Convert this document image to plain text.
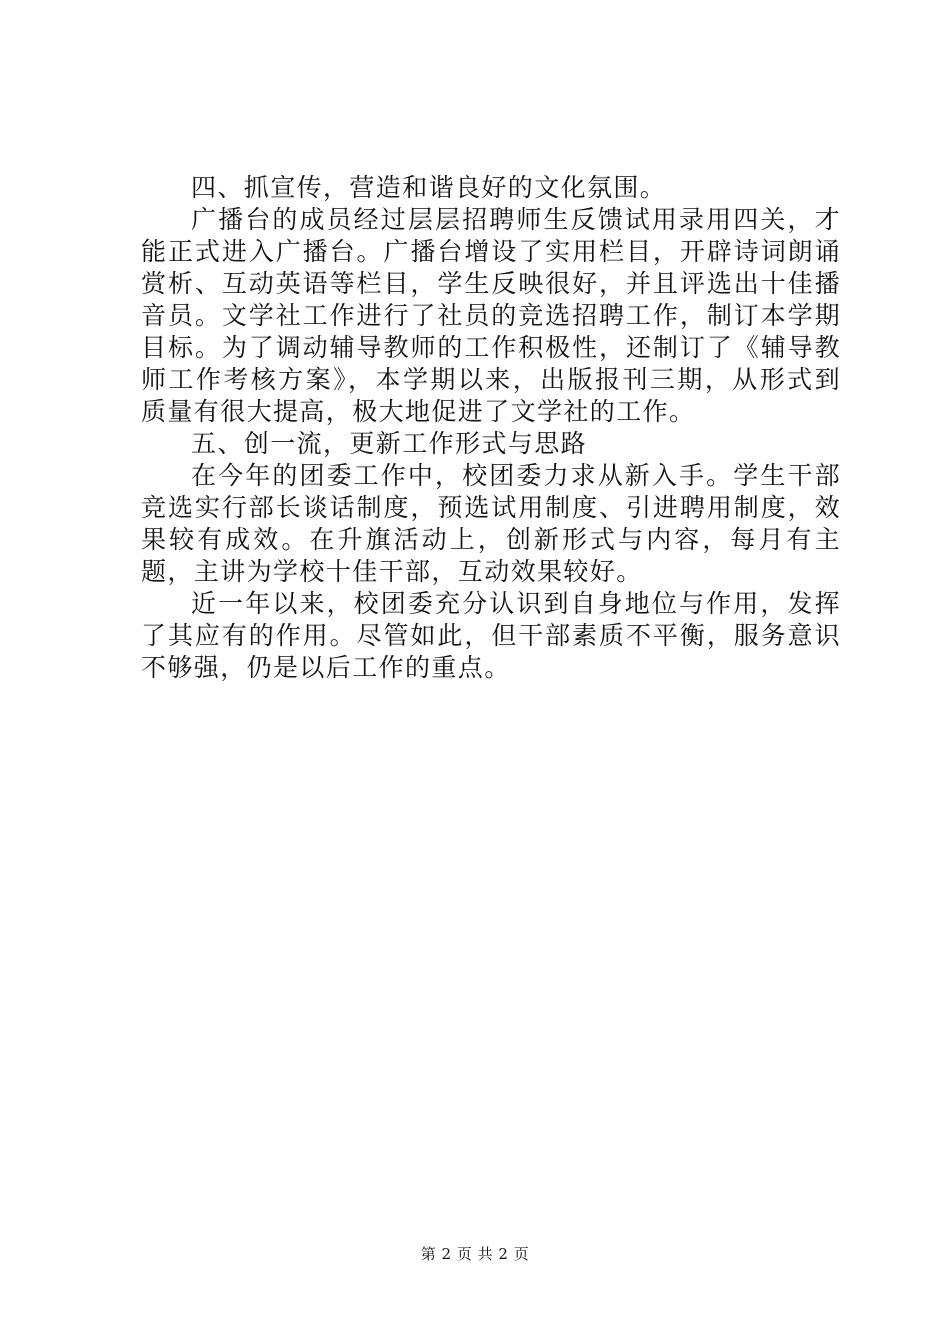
四、抓宣传，营造和谐良好的文化氛围。

广播台的成员经过层层招聘师生反馈试用录用四关，才能正式进入广播台。广播台增设了实用栏目，开辟诗词朗诵赏析、互动英语等栏目，学生反映很好，并且评选出十佳播音员。文学社工作进行了社员的竞选招聘工作，制订本学期目标。为了调动辅导教师的工作积极性，还制订了《辅导教师工作考核方案》，本学期以来，出版报刊三期，从形式到质量有很大提高，极大地促进了文学社的工作。

五、创一流，更新工作形式与思路

在今年的团委工作中，校团委力求从新入手。学生干部竞选实行部长谈话制度，预选试用制度、引进聘用制度，效果较有成效。在升旗活动上，创新形式与内容，每月有主题，主讲为学校十佳干部，互动效果较好。

近一年以来，校团委充分认识到自身地位与作用，发挥了其应有的作用。尽管如此，但干部素质不平衡，服务意识不够强，仍是以后工作的重点。

第 2 页 共 2 页
